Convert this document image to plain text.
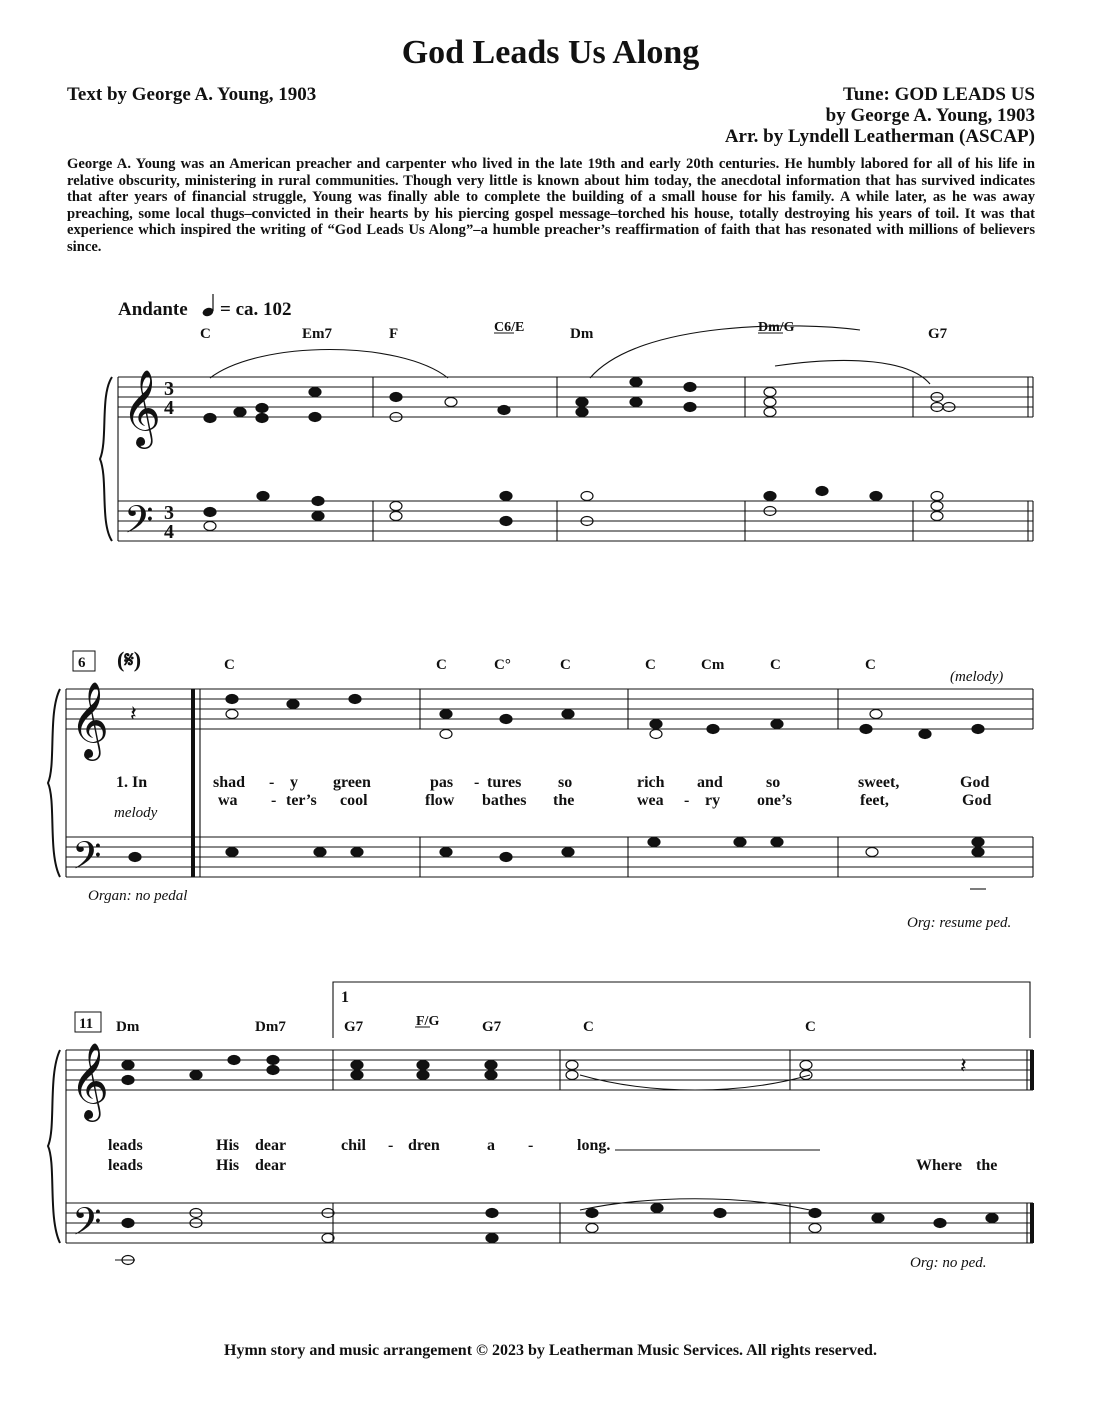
God Leads Us Along
Text by George A. Young, 1903	Tune: GOD LEADS US
by George A. Young, 1903
Arr. by Lyndell Leatherman (ASCAP)
George A. Young was an American preacher and carpenter who lived in the late 19th and early 20th centuries. He humbly labored for all of his life in relative obscurity, ministering in rural communities. Though very little is known about him today, the anecdotal information that has survived indicates that after years of financial struggle, Young was finally able to complete the building of a small house for his family. A while later, as he was away preaching, some local thugs–convicted in their hearts by his piercing gospel message–torched his house, totally destroying his years of toil. It was that experience which inspired the writing of “God Leads Us Along”–a humble preacher’s reaffirmation of faith that has resonated with millions of believers since.
𝄞
𝄢
𝄞
𝄢
𝄞
𝄢
3
4
3
4
Andante = ca. 102
C	Em7	F	C6/E	Dm	Dm/G	G7
6 (𝄋)	C	C	C°	C	C	Cm	C	C
(melody)
melody
𝄽
1. In	shad - y green	pas - tures so	rich and	so	sweet,	God
wa - ter’s cool	flow bathes the	wea - ry one’s	feet,	God
Organ: no pedal
Org: resume ped.
11
1
Dm	Dm7	G7	F/G	G7	C	C
𝄽
leads	His dear	chil - dren	a -	long.
leads	His dear	Where the
Org: no ped.
Hymn story and music arrangement © 2023 by Leatherman Music Services. All rights reserved.
